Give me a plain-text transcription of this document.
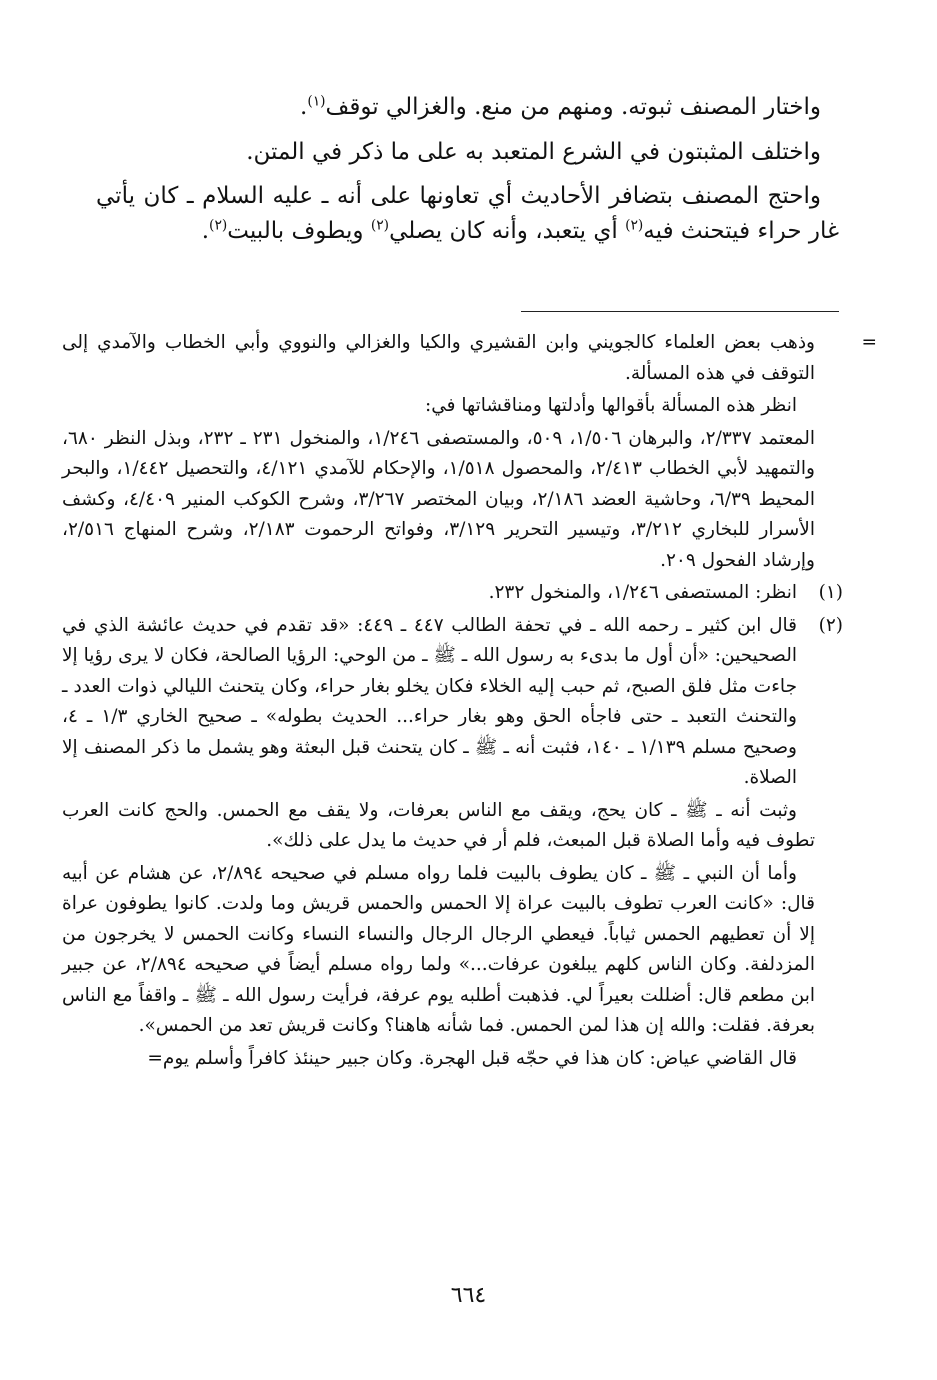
واختار المصنف ثبوته. ومنهم من منع. والغزالي توقف$^{(١)}$.

واختلف المثبتون في الشرع المتعبد به على ما ذكر في المتن.

واحتج المصنف بتضافر الأحاديث أي تعاونها على أنه ـ عليه السلام ـ كان يأتي غار حراء فيتحنث فيه$^{(٢)}$ أي يتعبد، وأنه كان يصلي$^{(٢)}$ ويطوف بالبيت$^{(٢)}$.

=
وذهب بعض العلماء كالجويني وابن القشيري والكيا والغزالي والنووي وأبي الخطاب والآمدي إلى التوقف في هذه المسألة.

انظر هذه المسألة بأقوالها وأدلتها ومناقشاتها في:

المعتمد ٢/٣٣٧، والبرهان ١/٥٠٦، ٥٠٩، والمستصفى ١/٢٤٦، والمنخول ٢٣١ ـ ٢٣٢، وبذل النظر ٦٨٠، والتمهيد لأبي الخطاب ٢/٤١٣، والمحصول ١/٥١٨، والإحكام للآمدي ٤/١٢١، والتحصيل ١/٤٤٢، والبحر المحيط ٦/٣٩، وحاشية العضد ٢/١٨٦، وبيان المختصر ٣/٢٦٧، وشرح الكوكب المنير ٤/٤٠٩، وكشف الأسرار للبخاري ٣/٢١٢، وتيسير التحرير ٣/١٢٩، وفواتح الرحموت ٢/١٨٣، وشرح المنهاج ٢/٥١٦، وإرشاد الفحول ٢٠٩.

(١)
انظر: المستصفى ١/٢٤٦، والمنخول ٢٣٢.

(٢)
قال ابن كثير ـ رحمه الله ـ في تحفة الطالب ٤٤٧ ـ ٤٤٩: «قد تقدم في حديث عائشة الذي في الصحيحين: «أن أول ما بدىء به رسول الله ـ ﷺ ـ من الوحي: الرؤيا الصالحة، فكان لا يرى رؤيا إلا جاءت مثل فلق الصبح، ثم حبب إليه الخلاء فكان يخلو بغار حراء، وكان يتحنث الليالي ذوات العدد ـ والتحنث التعبد ـ حتى فاجأه الحق وهو بغار حراء... الحديث بطوله» ـ صحيح الخاري ١/٣ ـ ٤، وصحيح مسلم ١/١٣٩ ـ ١٤٠، فثبت أنه ـ ﷺ ـ كان يتحنث قبل البعثة وهو يشمل ما ذكر المصنف إلا الصلاة.

وثبت أنه ـ ﷺ ـ كان يحج، ويقف مع الناس بعرفات، ولا يقف مع الحمس. والحج كانت العرب تطوف فيه وأما الصلاة قبل المبعث، فلم أر في حديث ما يدل على ذلك».

وأما أن النبي ـ ﷺ ـ كان يطوف بالبيت فلما رواه مسلم في صحيحه ٢/٨٩٤، عن هشام عن أبيه قال: «كانت العرب تطوف بالبيت عراة إلا الحمس والحمس قريش وما ولدت. كانوا يطوفون عراة إلا أن تعطيهم الحمس ثياباً. فيعطي الرجال الرجال والنساء النساء وكانت الحمس لا يخرجون من المزدلفة. وكان الناس كلهم يبلغون عرفات...» ولما رواه مسلم أيضاً في صحيحه ٢/٨٩٤، عن جبير ابن مطعم قال: أضللت بعيراً لي. فذهبت أطلبه يوم عرفة، فرأيت رسول الله ـ ﷺ ـ واقفاً مع الناس بعرفة. فقلت: والله إن هذا لمن الحمس. فما شأنه هاهنا؟ وكانت قريش تعد من الحمس».

قال القاضي عياض: كان هذا في حجّه قبل الهجرة. وكان جبير حينئذ كافراً وأسلم يوم=

٦٦٤
